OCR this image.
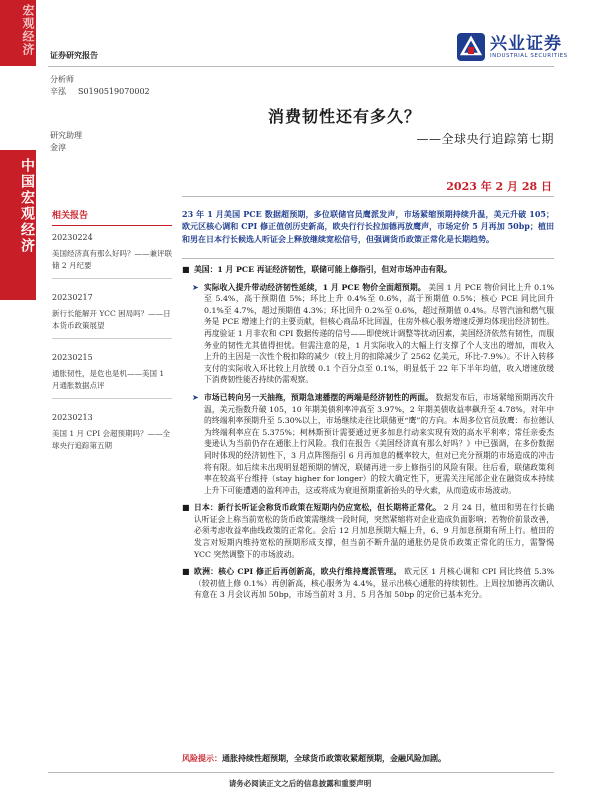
宏观经济
中国宏观经济
证券研究报告
兴业证券
INDUSTRIAL SECURITIES
分析师
辛泓 S0190519070002
研究助理
金淳
消费韧性还有多久？
——全球央行追踪第七期
2023 年 2 月 28 日
相关报告
20230224
美国经济真有那么好吗？——兼评联储 2 月纪要
20230217
新行长能解开 YCC 困局吗？——日本货币政策展望
20230215
通胀韧性，是危也是机——美国 1 月通胀数据点评
20230213
美国 1 月 CPI 会超预期吗？——全球央行追踪第五期
23 年 1 月美国 PCE 数据超预期，多位联储官员鹰派发声，市场紧缩预期持续升温，美元升破 105；欧元区核心调和 CPI 修正值创历史新高，欧央行行长拉加德再放鹰声，市场定价 5 月再加 50bp；植田和男在日本行长候选人听证会上释放继续宽松信号，但强调货币政策正常化是长期趋势。
■ 美国：1 月 PCE 再证经济韧性，联储可能上修指引，但对市场冲击有限。
➤ 实际收入提升带动经济韧性延续，1 月 PCE 物价全面超预期。 美国 1 月 PCE 物价同比上升 0.1%至 5.4%，高于预期值 5%；环比上升 0.4%至 0.6%，高于预期值 0.5%；核心 PCE 同比回升 0.1%至 4.7%，超过预期值 4.3%；环比回升 0.2%至 0.6%，超过预期值 0.4%。尽管汽油和燃气服务是 PCE 增速上行的主要贡献，但核心商品环比回温，住房外核心服务增速反弹均体现出经济韧性。再度验证 1 月非农和 CPI 数据传递的信号——即使统计调整等扰动因素，美国经济依然有韧性，而服务业的韧性尤其值得担忧。但需注意的是，1 月实际收入的大幅上行支撑了个人支出的增加，而收入上升的主因是一次性个税扣除的减少（较上月的扣除减少了 2562 亿美元，环比-7.9%）。不计入转移支付的实际收入环比较上月放缓 0.1 个百分点至 0.1%，明显低于 22 年下半年均值，收入增速放缓下消费韧性能否持续仍需观察。
➤ 市场已转向另一天抽拖，预期急速播摆的两端是经济韧性的两面。 数据发布后，市场紧缩预期再次升温，美元指数升破 105，10 年期美债利率冲高至 3.97%，2 年期美债收益率飙升至 4.78%，对年中的终端利率预期升至 5.30%以上，市场继续走往比联储更“鹰”的方向。本周多位官员放鹰：布拉德认为终端利率应在 5.375%；柯林斯预计需要通过更多加息行动来实现有效的高水平利率；常任亲委杰斐逊认为当前仍存在通胀上行风险。我们在报告《美国经济真有那么好吗？》中已强调，在多份数据同时体现的经济韧性下，3 月点阵图指引 6 月再加息的概率较大，但对已充分预期的市场造成的冲击将有限。如后续未出现明显超预期的情况，联储再进一步上修指引的风险有限。往后看，联储政策利率在较高平台维持（stay higher for longer）的较大确定性下，更需关注尾部企业在融资成本持续上升下可能遭遇的盈利冲击，这或将成为衰退预期重新抬头的导火索，从而造成市场波动。
■ 日本：新行长听证会称货币政策在短期内仍应宽松，但长期将正常化。 2 月 24 日，植田和男在行长确认听证会上称当前宽松的货币政策需继续一段时间，突然紧缩将对企业造成负面影响；若物价前景改善，必须考虑收益率曲线政策的正常化。会后 12 月加息预期大幅上升，6、9 月加息预期有所上行。植田的发言对短期内维持宽松的预期形成支撑，但当前不断升温的通胀仍是货币政策正常化的压力，需警惕 YCC 突然调整下的市场波动。
■ 欧洲：核心 CPI 修正后再创新高，欧央行维持鹰派管理。 欧元区 1 月核心调和 CPI 同比终值 5.3%（较初值上修 0.1%）再创新高，核心服务为 4.4%，显示出核心通胀的持续韧性。上周拉加德再次确认有意在 3 月会议再加 50bp，市场当前对 3 月、5 月各加 50bp 的定价已基本充分。
风险提示：通胀持续性超预期，全球货币政策收紧超预期，金融风险加剧。
请务必阅读正文之后的信息披露和重要声明
